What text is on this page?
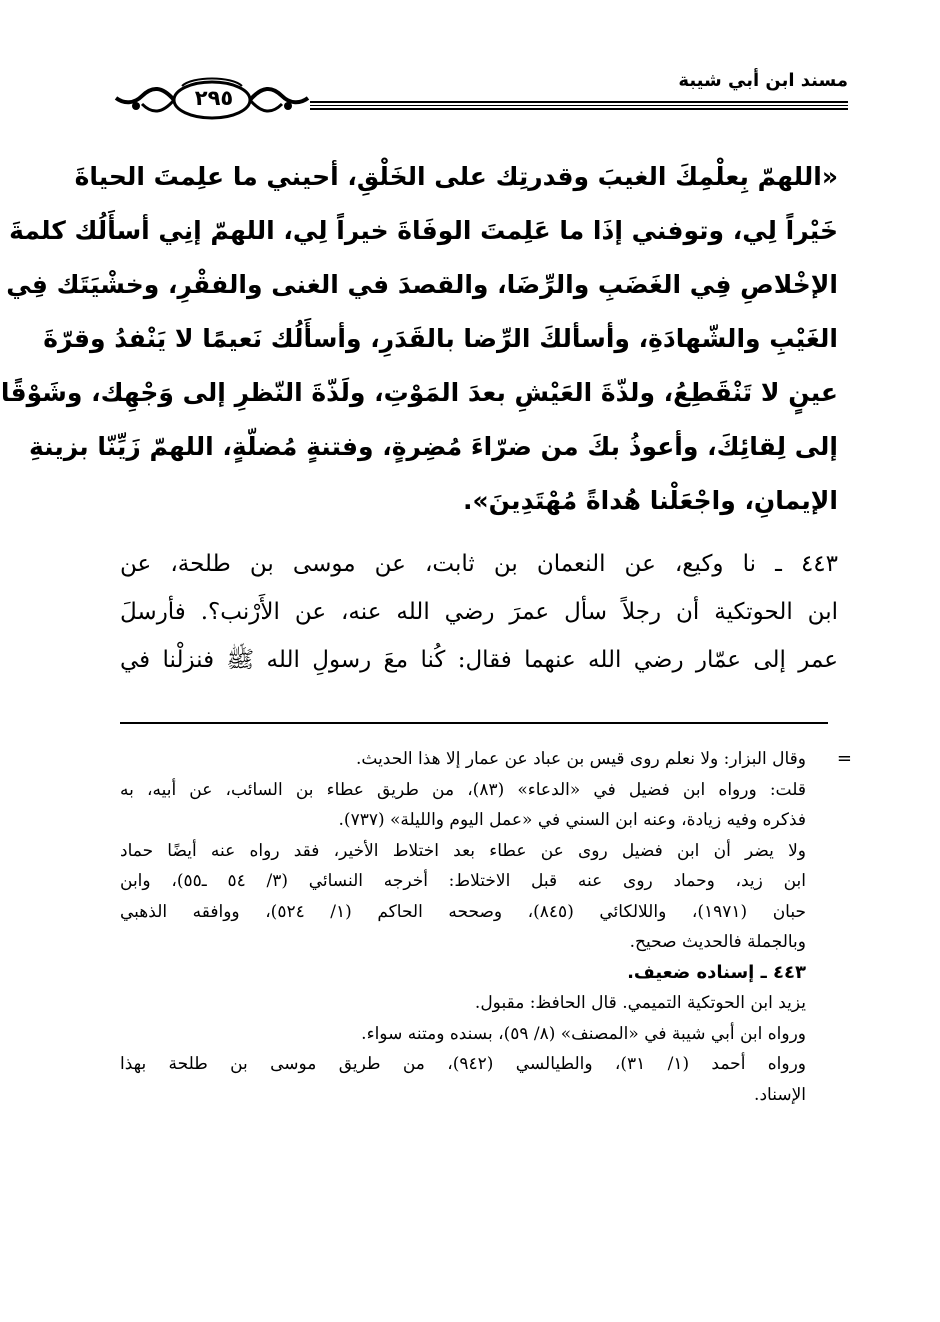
مسند ابن أبي شيبة
٢٩٥
«اللهمّ بِعلْمِكَ الغيبَ وقدرتِك على الخَلْقِ، أحيني ما علِمتَ الحياةَ
خَيْراً لِي، وتوفني إذَا ما عَلِمتَ الوفَاةَ خيراً لِي، اللهمّ إنِي أسأَلُك كلمةَ
الإخْلاصِ فِي الغَضَبِ والرِّضَا، والقصدَ في الغنى والفقْرِ، وخشْيَتَك فِي
الغَيْبِ والشّهادَةِ، وأسألكَ الرِّضا بالقَدَرِ، وأسأَلُك نَعيمًا لا يَنْفدُ وقرّةَ
عينٍ لا تَنْقَطِعُ، ولذّةَ العَيْشِ بعدَ المَوْتِ، ولَذّةَ النّظرِ إلى وَجْهِك، وشَوْقًا
إلى لِقائِكَ، وأعوذُ بكَ من ضرّاءَ مُضِرةٍ، وفتنةٍ مُضلّةٍ، اللهمّ زَيِّنّا بزينةِ
الإيمانِ، واجْعَلْنا هُداةً مُهْتَدِينَ».
٤٤٣ ـ نا وكيع، عن النعمان بن ثابت، عن موسى بن طلحة، عن
ابن الحوتكية أن رجلاً سأل عمرَ رضي الله عنه، عن الأَرْنب؟. فأرسلَ
عمر إلى عمّار رضي الله عنهما فقال: كُنا معَ رسولِ الله ﷺ فنزلْنا في
=
وقال البزار: ولا نعلم روى قيس بن عباد عن عمار إلا هذا الحديث.
قلت: ورواه ابن فضيل في «الدعاء» (٨٣)، من طريق عطاء بن السائب، عن أبيه، به
فذكره وفيه زيادة، وعنه ابن السني في «عمل اليوم والليلة» (٧٣٧).
ولا يضر أن ابن فضيل روى عن عطاء بعد اختلاط الأخير، فقد رواه عنه أيضًا حماد
ابن زيد، وحماد روى عنه قبل الاختلاط: أخرجه النسائي (٣/ ٥٤ ـ٥٥)، وابن
حبان (١٩٧١)، واللالكائي (٨٤٥)، وصححه الحاكم (١/ ٥٢٤)، ووافقه الذهبي
وبالجملة فالحديث صحيح.
٤٤٣ ـ إسناده ضعيف.
يزيد ابن الحوتكية التميمي. قال الحافظ: مقبول.
ورواه ابن أبي شيبة في «المصنف» (٨/ ٥٩)، بسنده ومتنه سواء.
ورواه أحمد (١/ ٣١)، والطيالسي (٩٤٢)، من طريق موسى بن طلحة بهذا
الإسناد.
